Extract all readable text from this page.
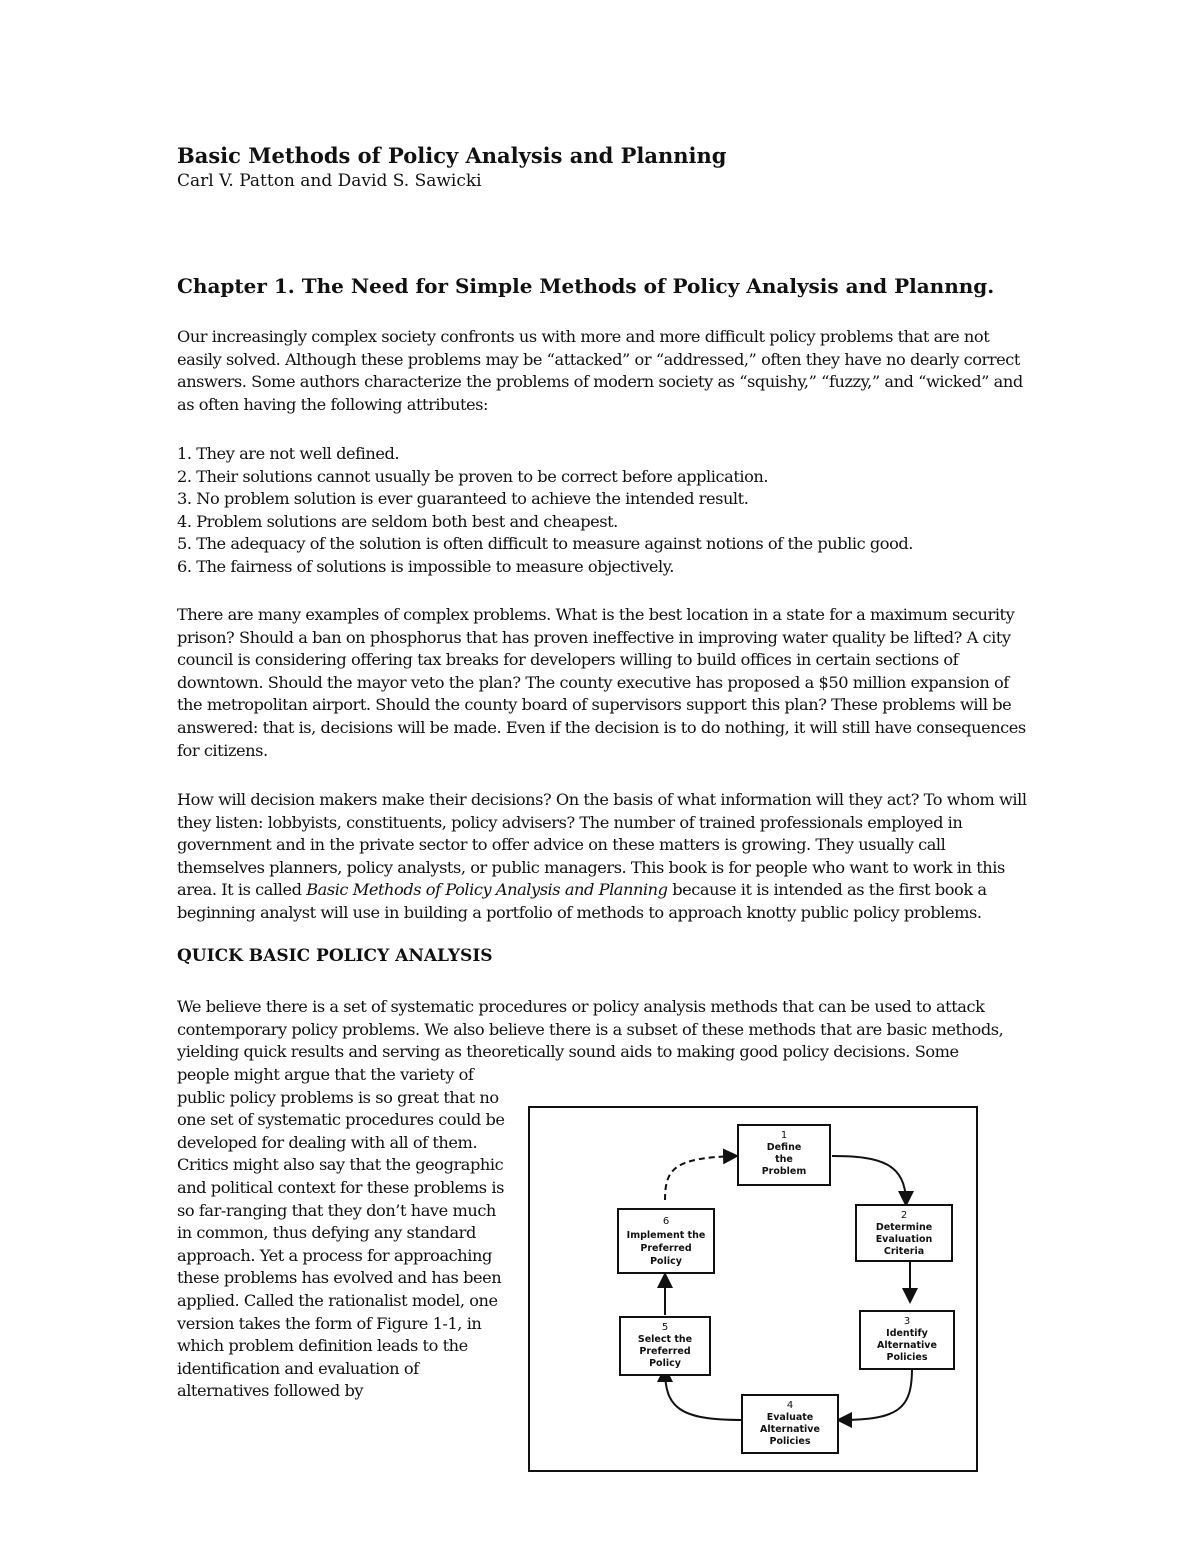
Basic Methods of Policy Analysis and Planning

Carl V. Patton and David S. Sawicki

Chapter 1. The Need for Simple Methods of Policy Analysis and Plannng.

Our increasingly complex society confronts us with more and more difficult policy problems that are not easily solved. Although these problems may be “attacked” or “addressed,” often they have no dearly correct answers. Some authors characterize the problems of modern society as “squishy,” “fuzzy,” and “wicked” and as often having the following attributes:

1. They are not well defined.
2. Their solutions cannot usually be proven to be correct before application.
3. No problem solution is ever guaranteed to achieve the intended result.
4. Problem solutions are seldom both best and cheapest.
5. The adequacy of the solution is often difficult to measure against notions of the public good.
6. The fairness of solutions is impossible to measure objectively.

There are many examples of complex problems. What is the best location in a state for a maximum security prison? Should a ban on phosphorus that has proven ineffective in improving water quality be lifted? A city council is considering offering tax breaks for developers willing to build offices in certain sections of downtown. Should the mayor veto the plan? The county executive has proposed a $50 million expansion of the metropolitan airport. Should the county board of supervisors support this plan? These problems will be answered: that is, decisions will be made. Even if the decision is to do nothing, it will still have consequences for citizens.

How will decision makers make their decisions? On the basis of what information will they act? To whom will they listen: lobbyists, constituents, policy advisers? The number of trained professionals employed in government and in the private sector to offer advice on these matters is growing. They usually call themselves planners, policy analysts, or public managers. This book is for people who want to work in this area. It is called Basic Methods of Policy Analysis and Planning because it is intended as the first book a beginning analyst will use in building a portfolio of methods to approach knotty public policy problems.

QUICK BASIC POLICY ANALYSIS

We believe there is a set of systematic procedures or policy analysis methods that can be used to attack contemporary policy problems. We also believe there is a subset of these methods that are basic methods, yielding quick results and serving as theoretically sound aids to making good policy decisions. Some

people might argue that the variety of public policy problems is so great that no one set of systematic procedures could be developed for dealing with all of them. Critics might also say that the geographic and political context for these problems is so far-ranging that they don’t have much in common, thus defying any standard approach. Yet a process for approaching these problems has evolved and has been applied. Called the rationalist model, one version takes the form of Figure 1-1, in which problem definition leads to the identification and evaluation of alternatives followed by

1
Define
the
Problem
2
Determine
Evaluation
Criteria
3
Identify
Alternative
Policies
4
Evaluate
Alternative
Policies
5
Select the
Preferred
Policy
6
Implement the
Preferred
Policy
